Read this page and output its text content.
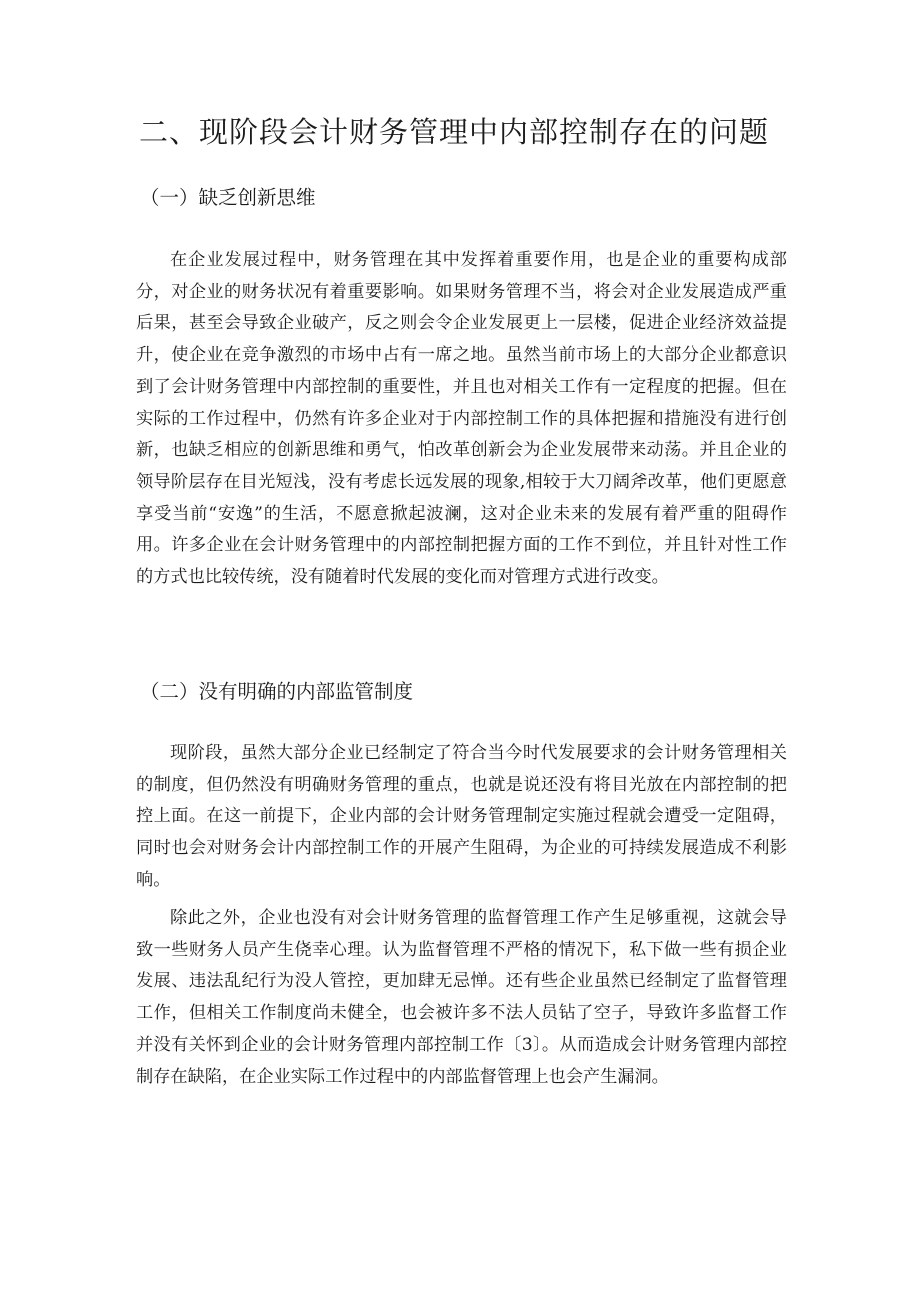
二、现阶段会计财务管理中内部控制存在的问题
（一）缺乏创新思维

在企业发展过程中，财务管理在其中发挥着重要作用，也是企业的重要构成部分，对企业的财务状况有着重要影响。如果财务管理不当，将会对企业发展造成严重后果，甚至会导致企业破产，反之则会令企业发展更上一层楼，促进企业经济效益提升，使企业在竞争激烈的市场中占有一席之地。虽然当前市场上的大部分企业都意识到了会计财务管理中内部控制的重要性，并且也对相关工作有一定程度的把握。但在实际的工作过程中，仍然有许多企业对于内部控制工作的具体把握和措施没有进行创新，也缺乏相应的创新思维和勇气，怕改革创新会为企业发展带来动荡。并且企业的领导阶层存在目光短浅，没有考虑长远发展的现象,相较于大刀阔斧改革，他们更愿意享受当前“安逸”的生活，不愿意掀起波澜，这对企业未来的发展有着严重的阻碍作用。许多企业在会计财务管理中的内部控制把握方面的工作不到位，并且针对性工作的方式也比较传统，没有随着时代发展的变化而对管理方式进行改变。

（二）没有明确的内部监管制度

现阶段，虽然大部分企业已经制定了符合当今时代发展要求的会计财务管理相关的制度，但仍然没有明确财务管理的重点，也就是说还没有将目光放在内部控制的把控上面。在这一前提下，企业内部的会计财务管理制定实施过程就会遭受一定阻碍，同时也会对财务会计内部控制工作的开展产生阻碍，为企业的可持续发展造成不利影响。

除此之外，企业也没有对会计财务管理的监督管理工作产生足够重视，这就会导致一些财务人员产生侥幸心理。认为监督管理不严格的情况下，私下做一些有损企业发展、违法乱纪行为没人管控，更加肆无忌惮。还有些企业虽然已经制定了监督管理工作，但相关工作制度尚未健全，也会被许多不法人员钻了空子，导致许多监督工作并没有关怀到企业的会计财务管理内部控制工作〔3〕。从而造成会计财务管理内部控制存在缺陷，在企业实际工作过程中的内部监督管理上也会产生漏洞。
